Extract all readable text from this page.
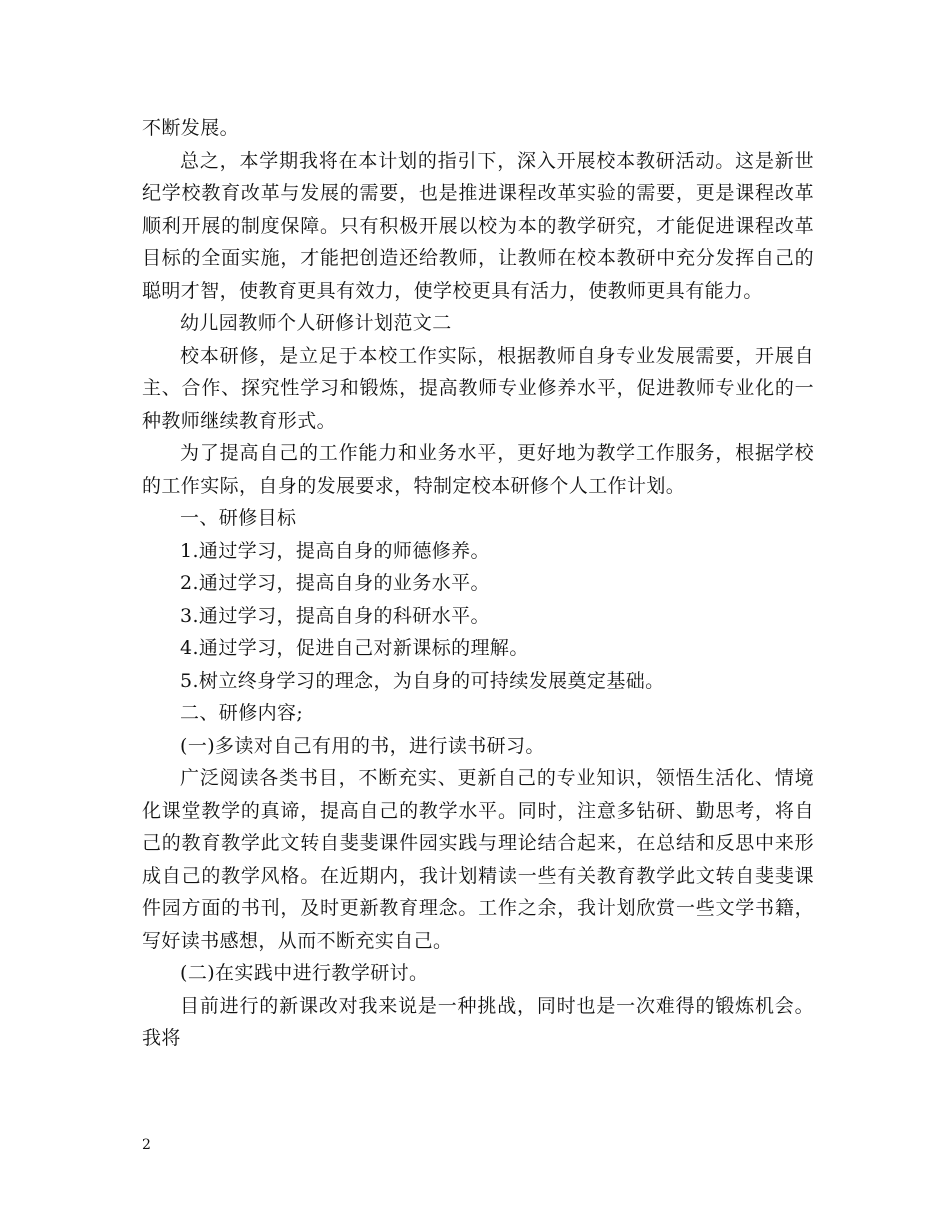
不断发展。

总之，本学期我将在本计划的指引下，深入开展校本教研活动。这是新世纪学校教育改革与发展的需要，也是推进课程改革实验的需要，更是课程改革顺利开展的制度保障。只有积极开展以校为本的教学研究，才能促进课程改革目标的全面实施，才能把创造还给教师，让教师在校本教研中充分发挥自己的聪明才智，使教育更具有效力，使学校更具有活力，使教师更具有能力。

幼儿园教师个人研修计划范文二

校本研修，是立足于本校工作实际，根据教师自身专业发展需要，开展自主、合作、探究性学习和锻炼，提高教师专业修养水平，促进教师专业化的一种教师继续教育形式。

为了提高自己的工作能力和业务水平，更好地为教学工作服务，根据学校的工作实际，自身的发展要求，特制定校本研修个人工作计划。

一、研修目标

1.通过学习，提高自身的师德修养。

2.通过学习，提高自身的业务水平。

3.通过学习，提高自身的科研水平。

4.通过学习，促进自己对新课标的理解。

5.树立终身学习的理念，为自身的可持续发展奠定基础。

二、研修内容;

(一)多读对自己有用的书，进行读书研习。

广泛阅读各类书目，不断充实、更新自己的专业知识，领悟生活化、情境化课堂教学的真谛，提高自己的教学水平。同时，注意多钻研、勤思考，将自己的教育教学此文转自斐斐课件园实践与理论结合起来，在总结和反思中来形成自己的教学风格。在近期内，我计划精读一些有关教育教学此文转自斐斐课件园方面的书刊，及时更新教育理念。工作之余，我计划欣赏一些文学书籍，写好读书感想，从而不断充实自己。

(二)在实践中进行教学研讨。

目前进行的新课改对我来说是一种挑战，同时也是一次难得的锻炼机会。我将

2
